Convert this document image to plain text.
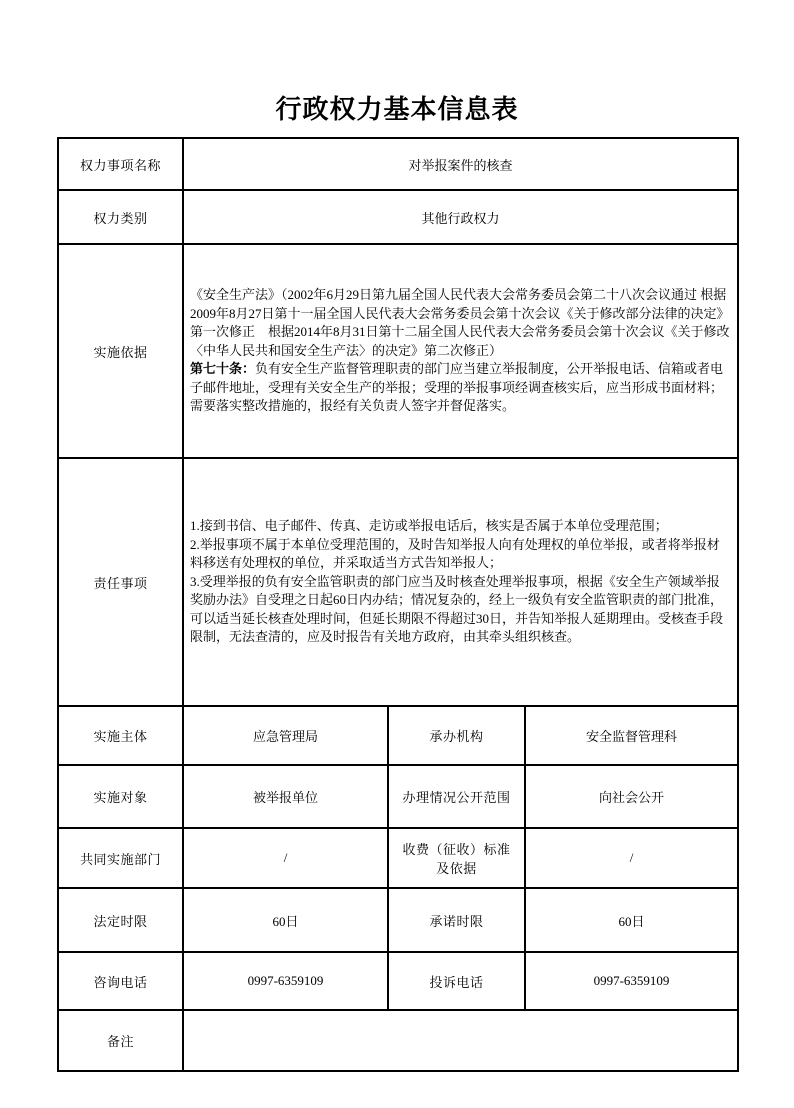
行政权力基本信息表
权力事项名称	对举报案件的核查		
权力类别	其他行政权力		
实施依据	《安全生产法》（2002年6月29日第九届全国人民代表大会常务委员会第二十八次会议通过 根据2009年8月27日第十一届全国人民代表大会常务委员会第十次会议《关于修改部分法律的决定》第一次修正　根据2014年8月31日第十二届全国人民代表大会常务委员会第十次会议《关于修改〈中华人民共和国安全生产法〉的决定》第二次修正）

第七十条：负有安全生产监督管理职责的部门应当建立举报制度，公开举报电话、信箱或者电子邮件地址，受理有关安全生产的举报；受理的举报事项经调查核实后，应当形成书面材料；需要落实整改措施的，报经有关负责人签字并督促落实。		

责任事项	1.接到书信、电子邮件、传真、走访或举报电话后，核实是否属于本单位受理范围；

2.举报事项不属于本单位受理范围的，及时告知举报人向有处理权的单位举报，或者将举报材料移送有处理权的单位，并采取适当方式告知举报人；

3.受理举报的负有安全监管职责的部门应当及时核查处理举报事项，根据《安全生产领域举报奖励办法》自受理之日起60日内办结；情况复杂的，经上一级负有安全监管职责的部门批准，可以适当延长核查处理时间，但延长期限不得超过30日，并告知举报人延期理由。受核查手段限制，无法查清的，应及时报告有关地方政府，由其牵头组织核查。		

实施主体	应急管理局	承办机构	安全监督管理科
实施对象	被举报单位	办理情况公开范围	向社会公开
共同实施部门	/	收费（征收）标准及依据	/
法定时限	60日	承诺时限	60日
咨询电话	0997-6359109	投诉电话	0997-6359109
备注			
